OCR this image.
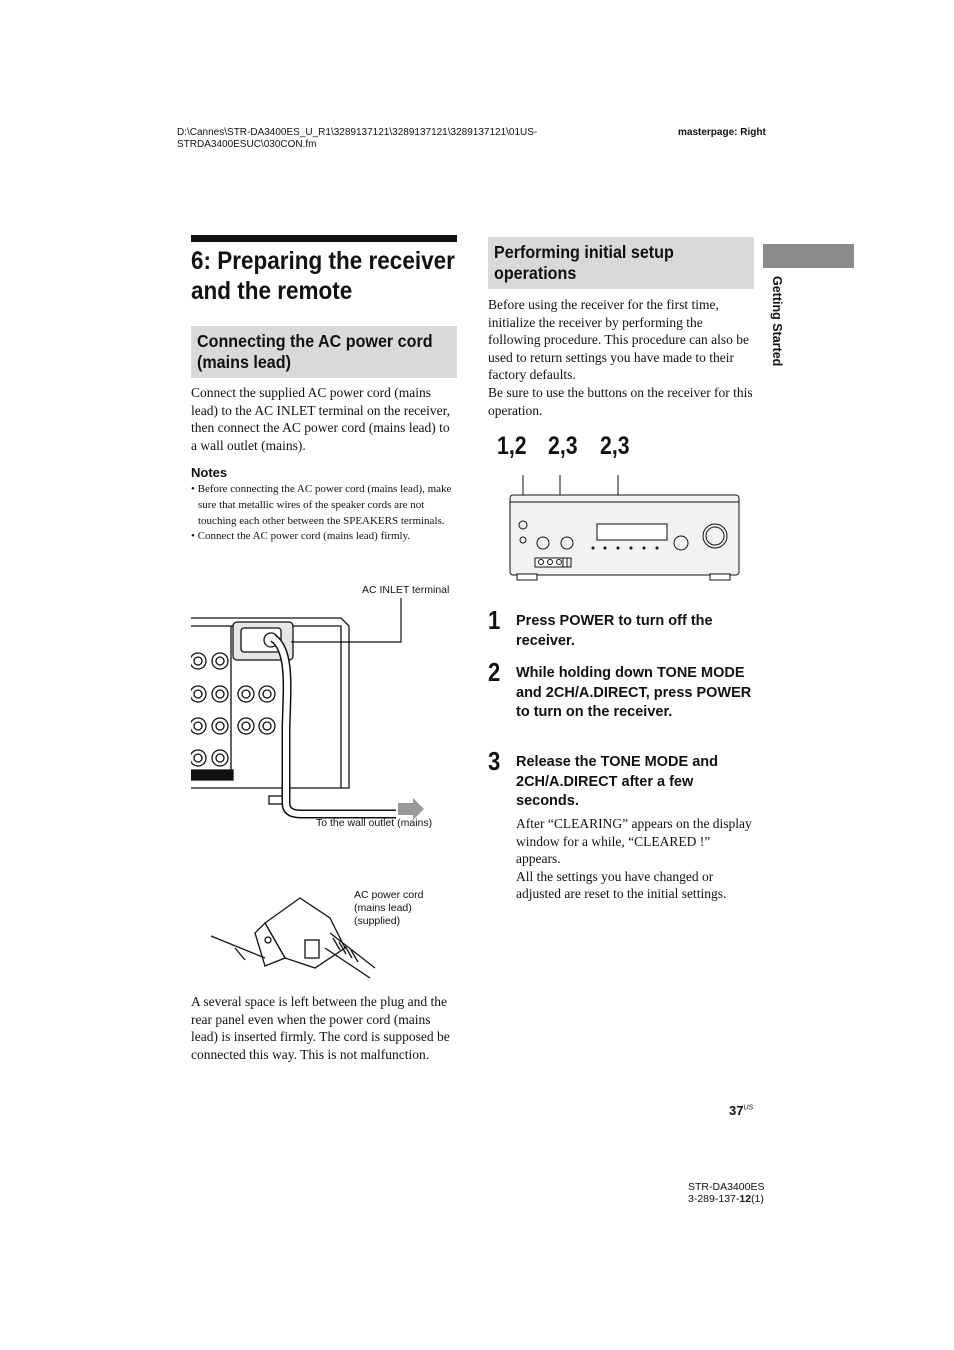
D:\Cannes\STR-DA3400ES_U_R1\3289137121\3289137121\3289137121\01US-
STRDA3400ESUC\030CON.fm
masterpage: Right
6: Preparing the receiver
and the remote
Connecting the AC power cord
(mains lead)
Connect the supplied AC power cord (mains lead) to the AC INLET terminal on the receiver, then connect the AC power cord (mains lead) to a wall outlet (mains).
Notes
• Before connecting the AC power cord (mains lead), make sure that metallic wires of the speaker cords are not touching each other between the SPEAKERS terminals.
• Connect the AC power cord (mains lead) firmly.
AC INLET terminal
To the wall outlet (mains)
AC power cord
(mains lead)
(supplied)
A several space is left between the plug and the rear panel even when the power cord (mains lead) is inserted firmly. The cord is supposed be connected this way. This is not malfunction.
Performing initial setup
operations
Before using the receiver for the first time, initialize the receiver by performing the following procedure. This procedure can also be used to return settings you have made to their factory defaults.
Be sure to use the buttons on the receiver for this operation.
1,2 2,3 2,3
1 Press POWER to turn off the receiver.
2 While holding down TONE MODE and 2CH/A.DIRECT, press POWER to turn on the receiver.
3 Release the TONE MODE and 2CH/A.DIRECT after a few seconds.
After “CLEARING” appears on the display window for a while, “CLEARED !” appears.
All the settings you have changed or adjusted are reset to the initial settings.
Getting Started
$37^{US}$
STR-DA3400ES
3-289-137-12(1)
